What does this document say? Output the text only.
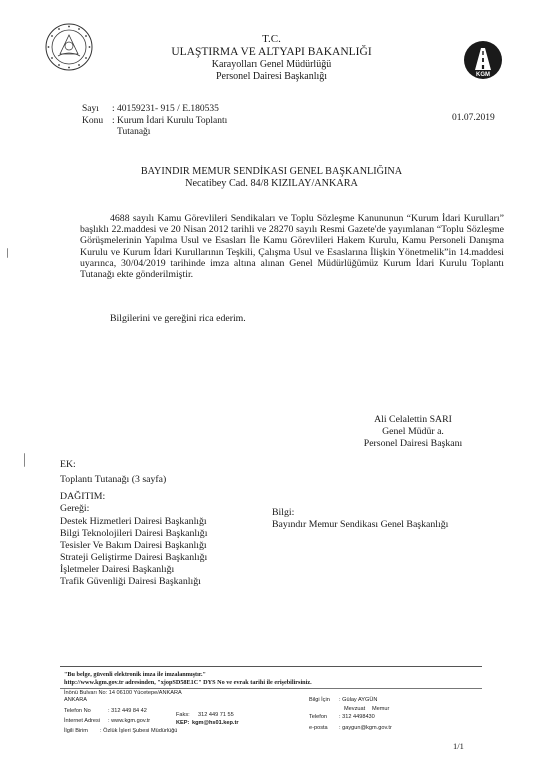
KGM
T.C.
ULAŞTIRMA VE ALTYAPI BAKANLIĞI
Karayolları Genel Müdürlüğü
Personel Dairesi Başkanlığı
Sayı : 40159231- 915 / E.180535
Konu : Kurum İdari Kurulu Toplantı
Tutanağı
01.07.2019
BAYINDIR MEMUR SENDİKASI GENEL BAŞKANLIĞINA
Necatibey Cad. 84/8 KIZILAY/ANKARA
4688 sayılı Kamu Görevlileri Sendikaları ve Toplu Sözleşme Kanununun “Kurum İdari Kurulları” başlıklı 22.maddesi ve 20 Nisan 2012 tarihli ve 28270 sayılı Resmi Gazete'de yayımlanan “Toplu Sözleşme Görüşmelerinin Yapılma Usul ve Esasları İle Kamu Görevlileri Hakem Kurulu, Kamu Personeli Danışma Kurulu ve Kurum İdari Kurullarının Teşkili, Çalışma Usul ve Esaslarına İlişkin Yönetmelik”in 14.maddesi uyarınca, 30/04/2019 tarihinde imza altına alınan Genel Müdürlüğümüz Kurum İdari Kurulu Toplantı Tutanağı ekte gönderilmiştir.
Bilgilerini ve gereğini rica ederim.
Ali Celalettin SARI
Genel Müdür a.
Personel Dairesi Başkanı
EK:
Toplantı Tutanağı (3 sayfa)
DAĞITIM:
Gereği:
Destek Hizmetleri Dairesi Başkanlığı
Bilgi Teknolojileri Dairesi Başkanlığı
Tesisler Ve Bakım Dairesi Başkanlığı
Strateji Geliştirme Dairesi Başkanlığı
İşletmeler Dairesi Başkanlığı
Trafik Güvenliği Dairesi Başkanlığı
Bilgi:
Bayındır Memur Sendikası Genel Başkanlığı
"Bu belge, güvenli elektronik imza ile imzalanmıştır."
http://www.kgm.gov.tr adresinden, "xjopSD58E1C" DYS No ve evrak tarihi ile erişebilirsiniz.
İnönü Bulvarı No: 14 06100 Yücetepe/ANKARA
ANKARA
Telefon No	: 312 449 84 42
Faks: 312 449 71 55
İnternet Adresi : www.kgm.gov.tr	KEP: kgm@hs01.kep.tr
İlgili Birim : Özlük İşleri Şubesi Müdürlüğü
Bilgi İçin : Gülay AYGÜN
Mevzuat Memur
Telefon : 312 4498430
e-posta : gaygun@kgm.gov.tr
1/1
